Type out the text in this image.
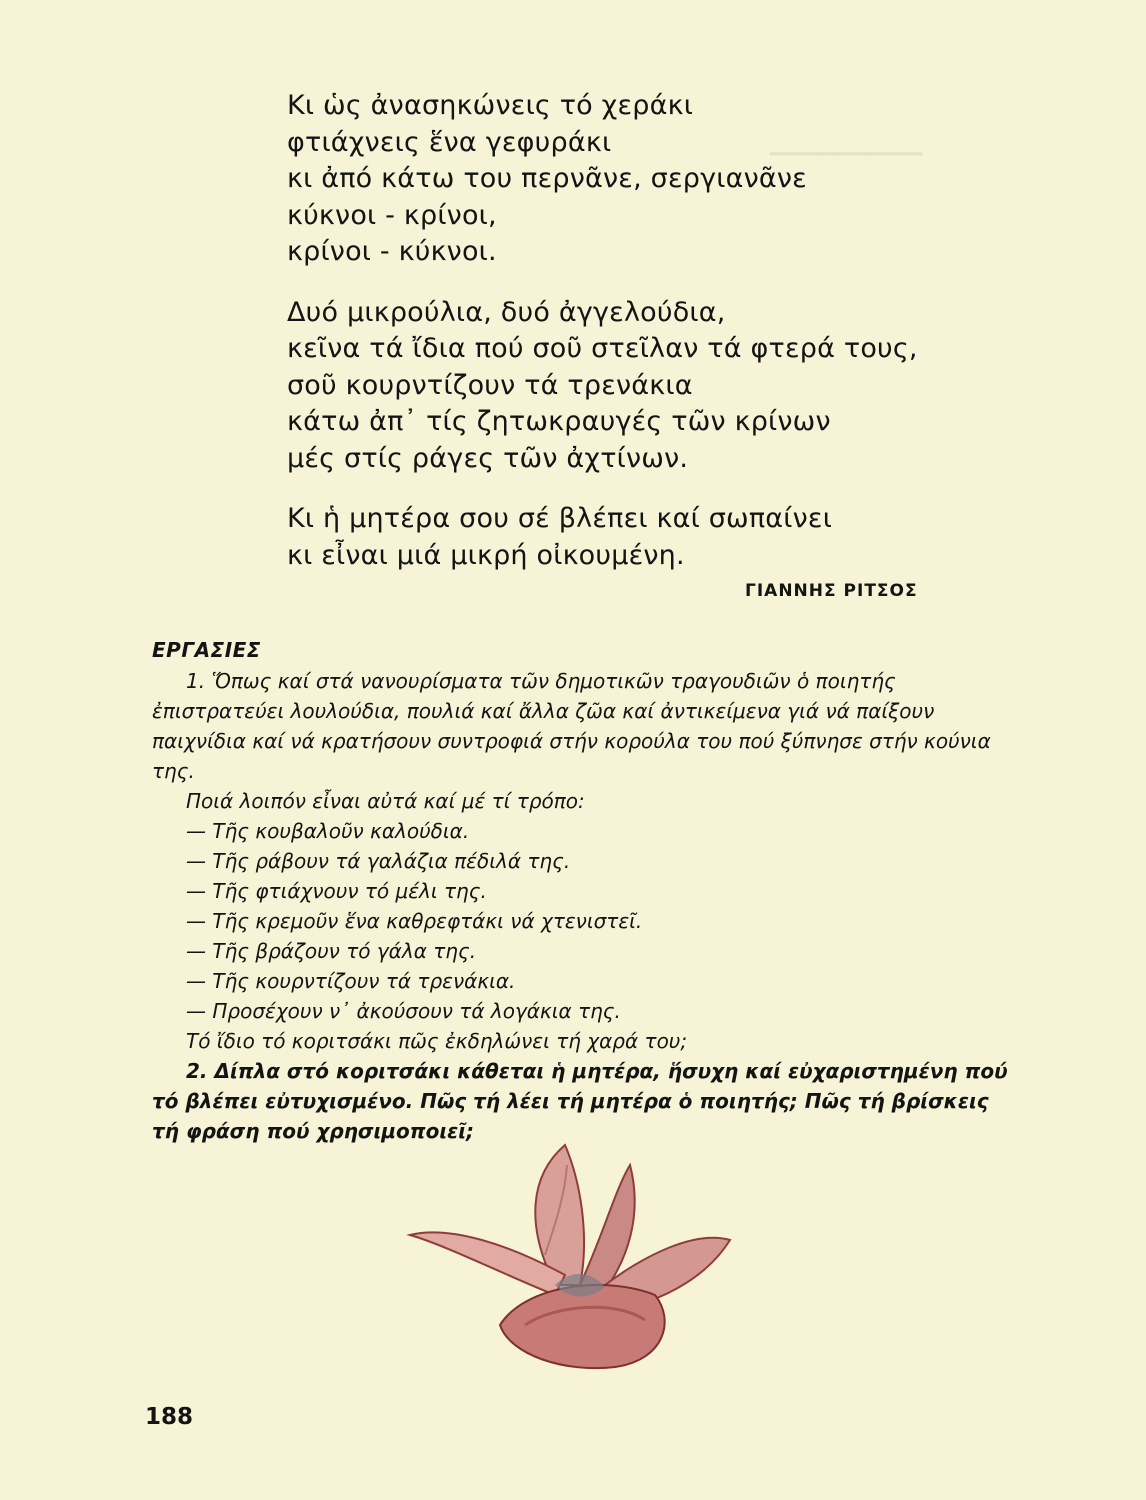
▁▁▁▁▁▁▁▁▁
Κι ὡς ἀνασηκώνεις τό χεράκι
φτιάχνεις ἕνα γεφυράκι
κι ἀπό κάτω του περνᾶνε, σεργιανᾶνε
κύκνοι - κρίνοι,
κρίνοι - κύκνοι.
Δυό μικρούλια, δυό ἀγγελούδια,
κεῖνα τά ἴδια πού σοῦ στεῖλαν τά φτερά τους,
σοῦ κουρντίζουν τά τρενάκια
κάτω ἀπ᾿ τίς ζητωκραυγές τῶν κρίνων
μές στίς ράγες τῶν ἀχτίνων.
Κι ἡ μητέρα σου σέ βλέπει καί σωπαίνει
κι εἶναι μιά μικρή οἰκουμένη.
ΓΙΑΝΝΗΣ ΡΙΤΣΟΣ
ΕΡΓΑΣΙΕΣ

1. Ὅπως καί στά νανουρίσματα τῶν δημοτικῶν τραγουδιῶν ὁ ποιητής ἐπιστρατεύει λουλούδια, πουλιά καί ἄλλα ζῶα καί ἀντικείμενα γιά νά παίξουν παιχνίδια καί νά κρατήσουν συντροφιά στήν κορούλα του πού ξύπνησε στήν κούνια της.

Ποιά λοιπόν εἶναι αὐτά καί μέ τί τρόπο:

— Τῆς κουβαλοῦν καλούδια.

— Τῆς ράβουν τά γαλάζια πέδιλά της.

— Τῆς φτιάχνουν τό μέλι της.

— Τῆς κρεμοῦν ἕνα καθρεφτάκι νά χτενιστεῖ.

— Τῆς βράζουν τό γάλα της.

— Τῆς κουρντίζουν τά τρενάκια.

— Προσέχουν ν᾿ ἀκούσουν τά λογάκια της.

Τό ἴδιο τό κοριτσάκι πῶς ἐκδηλώνει τή χαρά του;

2. Δίπλα στό κοριτσάκι κάθεται ἡ μητέρα, ἥσυχη καί εὐχαριστημένη πού τό βλέπει εὐτυχισμένο. Πῶς τή λέει τή μητέρα ὁ ποιητής; Πῶς τή βρίσκεις τή φράση πού χρησιμοποιεῖ;

188
